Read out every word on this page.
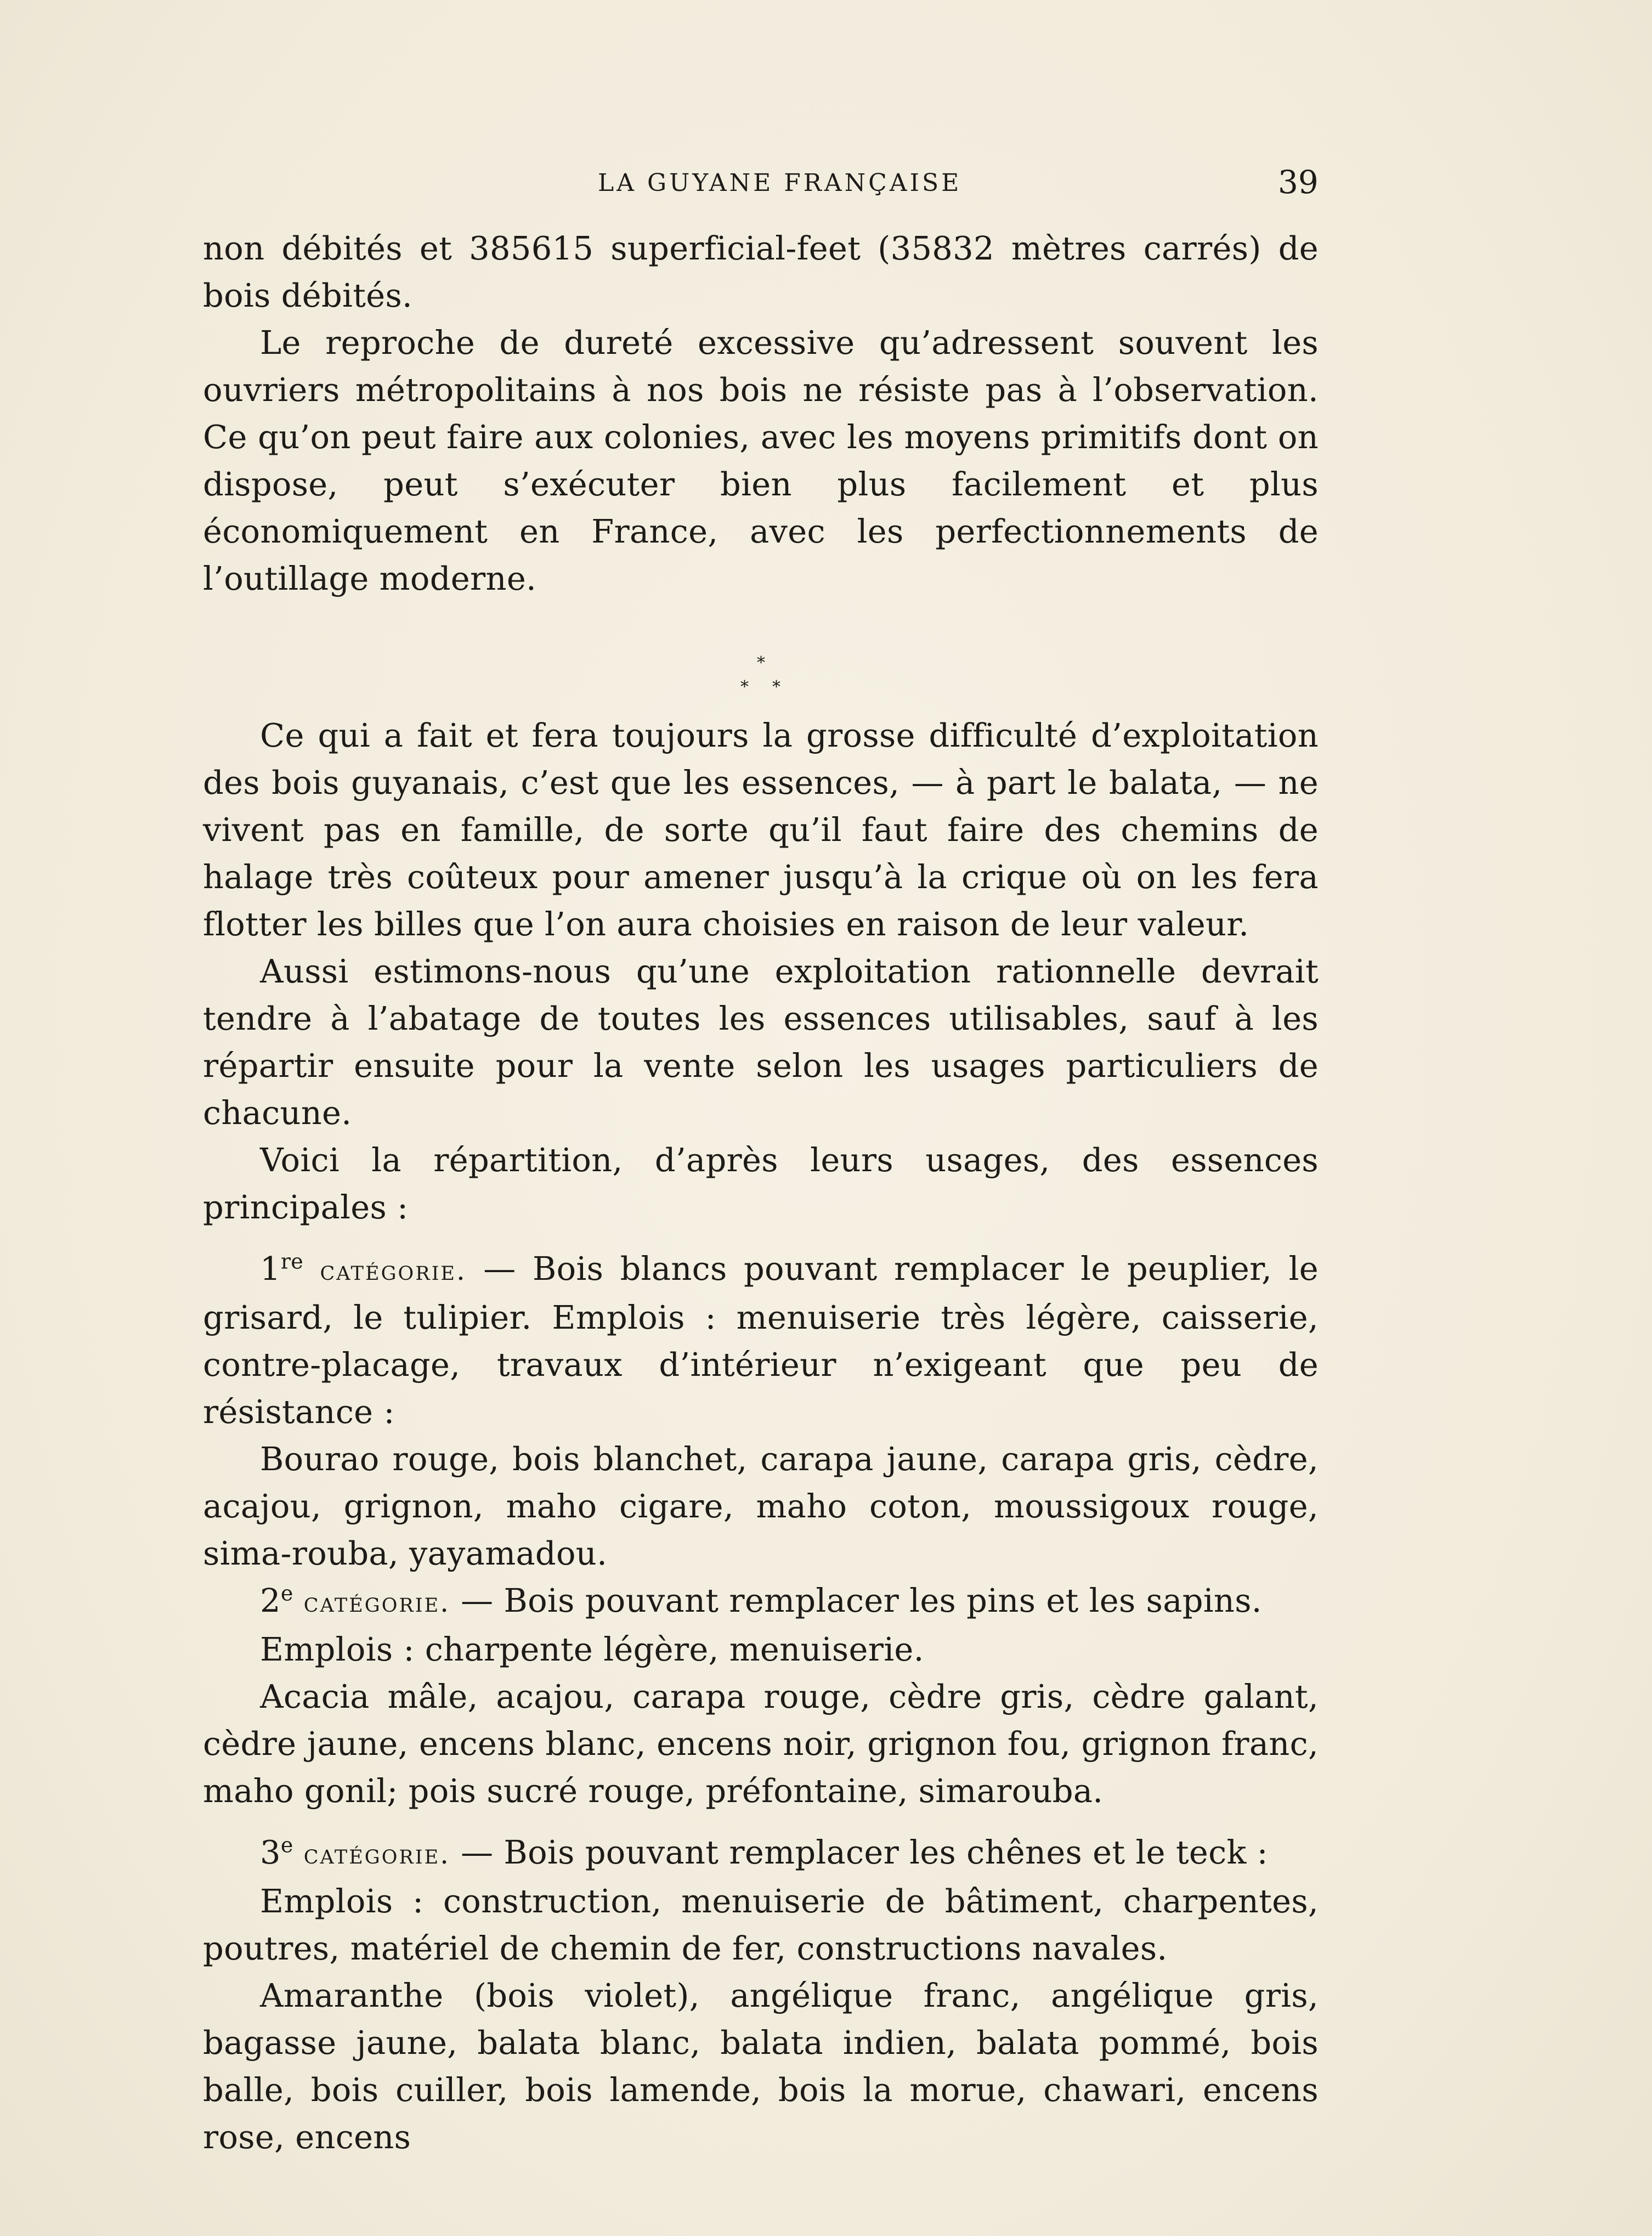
LA GUYANE FRANÇAISE	39

non débités et 385615 superficial-feet (35832 mètres carrés) de bois débités.

Le reproche de dureté excessive qu’adressent souvent les ouvriers métropolitains à nos bois ne résiste pas à l’observation. Ce qu’on peut faire aux colonies, avec les moyens primitifs dont on dispose, peut s’exécuter bien plus facilement et plus économiquement en France, avec les perfectionnements de l’outillage moderne.

*
* *

Ce qui a fait et fera toujours la grosse difficulté d’exploitation des bois guyanais, c’est que les essences, — à part le balata, — ne vivent pas en famille, de sorte qu’il faut faire des chemins de halage très coûteux pour amener jusqu’à la crique où on les fera flotter les billes que l’on aura choisies en raison de leur valeur.

Aussi estimons-nous qu’une exploitation rationnelle devrait tendre à l’abatage de toutes les essences utilisables, sauf à les répartir ensuite pour la vente selon les usages particuliers de chacune.

Voici la répartition, d’après leurs usages, des essences principales :

1re catégorie. — Bois blancs pouvant remplacer le peuplier, le grisard, le tulipier. Emplois : menuiserie très légère, caisserie, contre-placage, travaux d’intérieur n’exigeant que peu de résistance :

Bourao rouge, bois blanchet, carapa jaune, carapa gris, cèdre, acajou, grignon, maho cigare, maho coton, moussigoux rouge, sima-rouba, yayamadou.

2e catégorie. — Bois pouvant remplacer les pins et les sapins.

Emplois : charpente légère, menuiserie.

Acacia mâle, acajou, carapa rouge, cèdre gris, cèdre galant, cèdre jaune, encens blanc, encens noir, grignon fou, grignon franc, maho gonil; pois sucré rouge, préfontaine, simarouba.

3e catégorie. — Bois pouvant remplacer les chênes et le teck :

Emplois : construction, menuiserie de bâtiment, charpentes, poutres, matériel de chemin de fer, constructions navales.

Amaranthe (bois violet), angélique franc, angélique gris, bagasse jaune, balata blanc, balata indien, balata pommé, bois balle, bois cuiller, bois lamende, bois la morue, chawari, encens rose, encens
